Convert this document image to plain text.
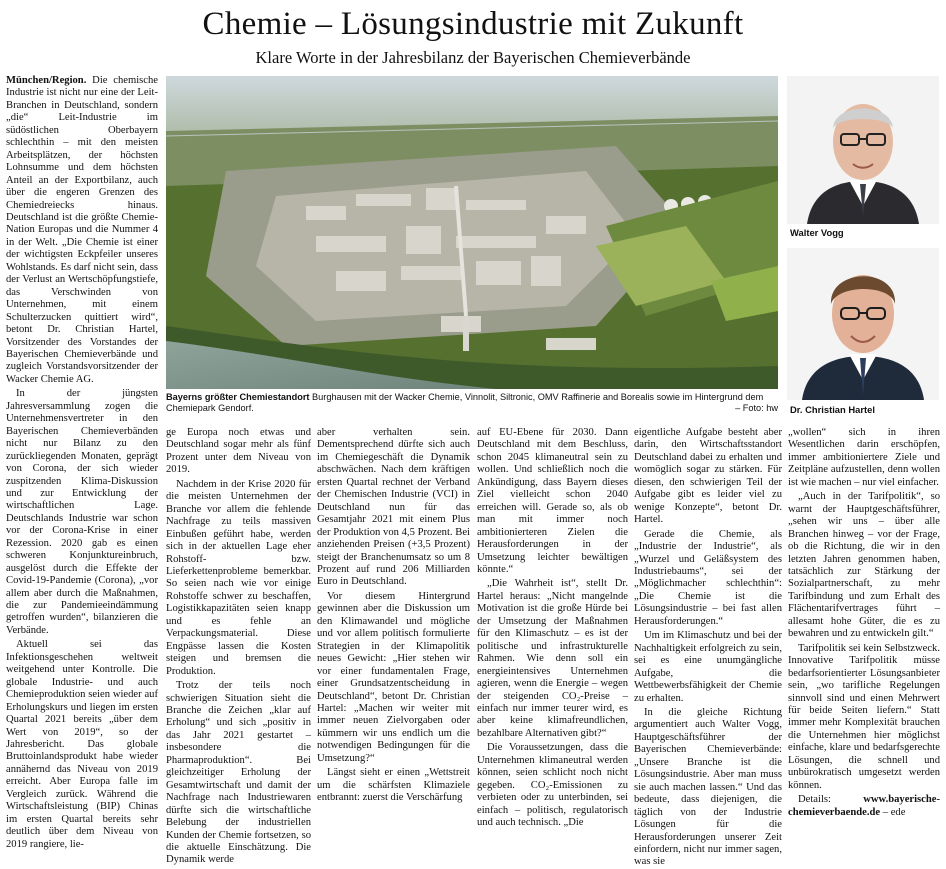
Chemie – Lösungsindustrie mit Zukunft
Klare Worte in der Jahresbilanz der Bayerischen Chemieverbände

München/Region. Die chemische Industrie ist nicht nur eine der Leit-Branchen in Deutschland, sondern „die“ Leit-Industrie im südöstlichen Oberbayern schlechthin – mit den meisten Arbeitsplätzen, der höchsten Lohnsumme und dem höchsten Anteil an der Exportbilanz, auch über die engeren Grenzen des Chemiedreiecks hinaus. Deutschland ist die größte Chemie-Nation Europas und die Nummer 4 in der Welt. „Die Chemie ist einer der wichtigsten Eckpfeiler unseres Wohlstands. Es darf nicht sein, dass der Verlust an Wertschöpfungstiefe, das Verschwinden von Unternehmen, mit einem Schulterzucken quittiert wird“, betont Dr. Christian Hartel, Vorsitzender des Vorstandes der Bayerischen Chemieverbände und zugleich Vorstandsvorsitzender der Wacker Chemie AG.

In der jüngsten Jahresversammlung zogen die Unternehmensvertreter in den Bayerischen Chemieverbänden nicht nur Bilanz zu den zurückliegenden Monaten, geprägt von Corona, der sich wieder zuspitzenden Klima-Diskussion und zur Entwicklung der wirtschaftlichen Lage. Deutschlands Industrie war schon vor der Corona-Krise in einer Rezession. 2020 gab es einen schweren Konjunktureinbruch, ausgelöst durch die Effekte der Covid-19-Pandemie (Corona), „vor allem aber durch die Maßnahmen, die zur Pandemieeindämmung getroffen wurden“, bilanzieren die Verbände.

Aktuell sei das Infektionsgeschehen weltweit weitgehend unter Kontrolle. Die globale Industrie- und auch Chemieproduktion seien wieder auf Erholungskurs und liegen im ersten Quartal 2021 bereits „über dem Wert von 2019“, so der Jahresbericht. Das globale Bruttoinlandsprodukt habe wieder annähernd das Niveau von 2019 erreicht. Aber Europa falle im Vergleich zurück. Während die Wirtschaftsleistung (BIP) Chinas im ersten Quartal bereits sehr deutlich über dem Niveau von 2019 rangiere, lie-

Bayerns größter Chemiestandort Burghausen mit der Wacker Chemie, Vinnolit, Siltronic, OMV Raffinerie and Borealis sowie im Hintergrund dem Chemiepark Gendorf.	– Foto: hw
Walter Vogg
Dr. Christian Hartel

ge Europa noch etwas und Deutschland sogar mehr als fünf Prozent unter dem Niveau von 2019.

Nachdem in der Krise 2020 für die meisten Unternehmen der Branche vor allem die fehlende Nachfrage zu teils massiven Einbußen geführt habe, werden sich in der aktuellen Lage eher Rohstoff- bzw. Lieferkettenprobleme bemerkbar. So seien nach wie vor einige Rohstoffe schwer zu beschaffen, Logistikkapazitäten seien knapp und es fehle an Verpackungsmaterial. Diese Engpässe lassen die Kosten steigen und bremsen die Produktion.

Trotz der teils noch schwierigen Situation sieht die Branche die Zeichen „klar auf Erholung“ und sich „positiv in das Jahr 2021 gestartet – insbesondere die Pharmaproduktion“. Bei gleichzeitiger Erholung der Gesamtwirtschaft und damit der Nachfrage nach Industriewaren dürfte sich die wirtschaftliche Belebung der industriellen Kunden der Chemie fortsetzen, so die aktuelle Einschätzung. Die Dynamik werde

aber verhalten sein. Dementsprechend dürfte sich auch im Chemiegeschäft die Dynamik abschwächen. Nach dem kräftigen ersten Quartal rechnet der Verband der Chemischen Industrie (VCI) in Deutschland nun für das Gesamtjahr 2021 mit einem Plus der Produktion von 4,5 Prozent. Bei anziehenden Preisen (+3,5 Prozent) steigt der Branchenumsatz so um 8 Prozent auf rund 206 Milliarden Euro in Deutschland.

Vor diesem Hintergrund gewinnen aber die Diskussion um den Klimawandel und mögliche und vor allem politisch formulierte Strategien in der Klimapolitik neues Gewicht: „Hier stehen wir vor einer fundamentalen Frage, einer Grundsatzentscheidung in Deutschland“, betont Dr. Christian Hartel: „Machen wir weiter mit immer neuen Zielvorgaben oder kümmern wir uns endlich um die notwendigen Bedingungen für die Umsetzung?“

Längst sieht er einen „Wettstreit um die schärfsten Klimaziele entbrannt: zuerst die Verschärfung

auf EU-Ebene für 2030. Dann Deutschland mit dem Beschluss, schon 2045 klimaneutral sein zu wollen. Und schließlich noch die Ankündigung, dass Bayern dieses Ziel vielleicht schon 2040 erreichen will. Gerade so, als ob man mit immer noch ambitionierteren Zielen die Herausforderungen in der Umsetzung leichter bewältigen könnte.“

„Die Wahrheit ist“, stellt Dr. Hartel heraus: „Nicht mangelnde Motivation ist die große Hürde bei der Umsetzung der Maßnahmen für den Klimaschutz – es ist der politische und infrastrukturelle Rahmen. Wie denn soll ein energieintensives Unternehmen agieren, wenn die Energie – wegen der steigenden CO₂-Preise – einfach nur immer teurer wird, es aber keine klimafreundlichen, bezahlbare Alternativen gibt?“

Die Voraussetzungen, dass die Unternehmen klimaneutral werden können, seien schlicht noch nicht gegeben. CO₂-Emissionen zu verbieten oder zu unterbinden, sei einfach – politisch, regulatorisch und auch technisch. „Die

eigentliche Aufgabe besteht aber darin, den Wirtschaftsstandort Deutschland dabei zu erhalten und womöglich sogar zu stärken. Für diesen, den schwierigen Teil der Aufgabe gibt es leider viel zu wenige Konzepte“, betont Dr. Hartel.

Gerade die Chemie, als „Industrie der Industrie“, als „Wurzel und Geläßsystem des Industriebaums“, sei der „Möglichmacher schlechthin“: „Die Chemie ist die Lösungsindustrie – bei fast allen Herausforderungen.“

Um im Klimaschutz und bei der Nachhaltigkeit erfolgreich zu sein, sei es eine unumgängliche Aufgabe, die Wettbewerbsfähigkeit der Chemie zu erhalten.

In die gleiche Richtung argumentiert auch Walter Vogg, Hauptgeschäftsführer der Bayerischen Chemieverbände: „Unsere Branche ist die Lösungsindustrie. Aber man muss sie auch machen lassen.“ Und das bedeute, dass diejenigen, die täglich von der Industrie Lösungen für die Herausforderungen unserer Zeit einfordern, nicht nur immer sagen, was sie

„wollen“ sich in ihren Wesentlichen darin erschöpfen, immer ambitioniertere Ziele und Zeitpläne aufzustellen, denn wollen ist wie machen – nur viel einfacher.

„Auch in der Tarifpolitik“, so warnt der Hauptgeschäftsführer, „sehen wir uns – über alle Branchen hinweg – vor der Frage, ob die Richtung, die wir in den letzten Jahren genommen haben, tatsächlich zur Stärkung der Sozialpartnerschaft, zu mehr Tarifbindung und zum Erhalt des Flächentarifvertrages führt – allesamt hohe Güter, die es zu bewahren und zu entwickeln gilt.“

Tarifpolitik sei kein Selbstzweck. Innovative Tarifpolitik müsse bedarfsorientierter Lösungsanbieter sein, „wo tarifliche Regelungen sinnvoll sind und einen Mehrwert für beide Seiten liefern.“ Statt immer mehr Komplexität brauchen die Unternehmen hier möglichst einfache, klare und bedarfsgerechte Lösungen, die schnell und unbürokratisch umgesetzt werden können.

Details:	www.bayerische-chemieverbaende.de – ede
